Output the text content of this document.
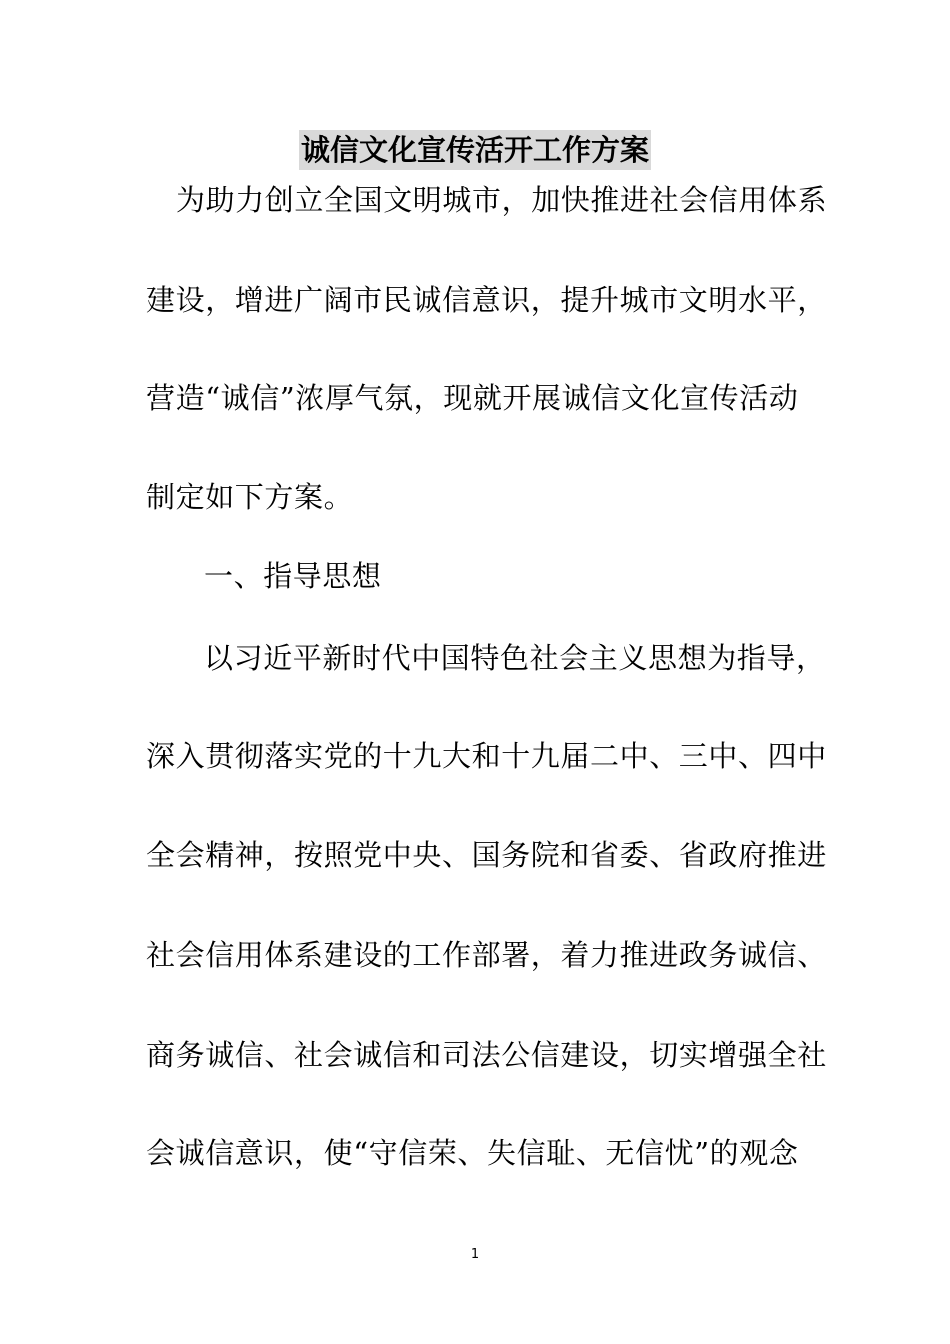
诚信文化宣传活开工作方案
为助力创立全国文明城市，加快推进社会信用体系
建设，增进广阔市民诚信意识，提升城市文明水平，
营造“诚信”浓厚气氛，现就开展诚信文化宣传活动
制定如下方案。
一、指导思想
以习近平新时代中国特色社会主义思想为指导，
深入贯彻落实党的十九大和十九届二中、三中、四中
全会精神，按照党中央、国务院和省委、省政府推进
社会信用体系建设的工作部署，着力推进政务诚信、
商务诚信、社会诚信和司法公信建设，切实增强全社
会诚信意识，使“守信荣、失信耻、无信忧”的观念
1
